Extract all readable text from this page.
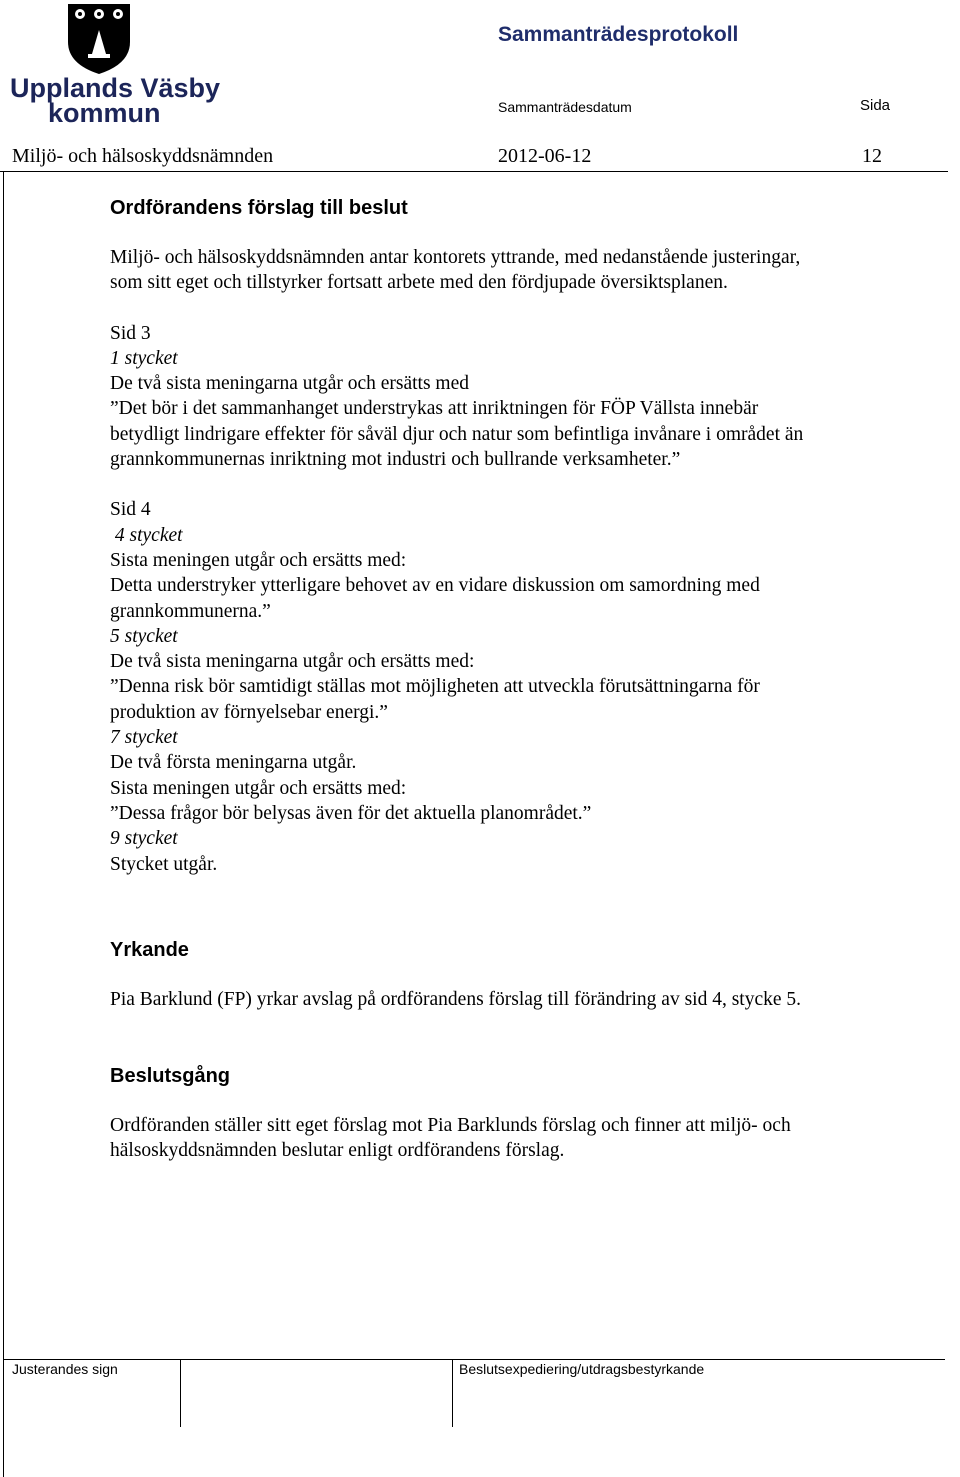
Upplands Väsby
kommun
Sammanträdesprotokoll
Sammanträdesdatum	Sida
Miljö- och hälsoskyddsnämnden	2012-06-12	12
Ordförandens förslag till beslut

Miljö- och hälsoskyddsnämnden antar kontorets yttrande, med nedanstående justeringar,
som sitt eget och tillstyrker fortsatt arbete med den fördjupade översiktsplanen.

Sid 3
1 stycket
De två sista meningarna utgår och ersätts med
”Det bör i det sammanhanget understrykas att inriktningen för FÖP Vällsta innebär
betydligt lindrigare effekter för såväl djur och natur som befintliga invånare i området än
grannkommunernas inriktning mot industri och bullrande verksamheter.”

Sid 4
4 stycket
Sista meningen utgår och ersätts med:
Detta understryker ytterligare behovet av en vidare diskussion om samordning med
grannkommunerna.”
5 stycket
De två sista meningarna utgår och ersätts med:
”Denna risk bör samtidigt ställas mot möjligheten att utveckla förutsättningarna för
produktion av förnyelsebar energi.”
7 stycket
De två första meningarna utgår.
Sista meningen utgår och ersätts med:
”Dessa frågor bör belysas även för det aktuella planområdet.”
9 stycket
Stycket utgår.

Yrkande

Pia Barklund (FP) yrkar avslag på ordförandens förslag till förändring av sid 4, stycke 5.

Beslutsgång

Ordföranden ställer sitt eget förslag mot Pia Barklunds förslag och finner att miljö- och
hälsoskyddsnämnden beslutar enligt ordförandens förslag.

Justerandes sign	Beslutsexpediering/utdragsbestyrkande
